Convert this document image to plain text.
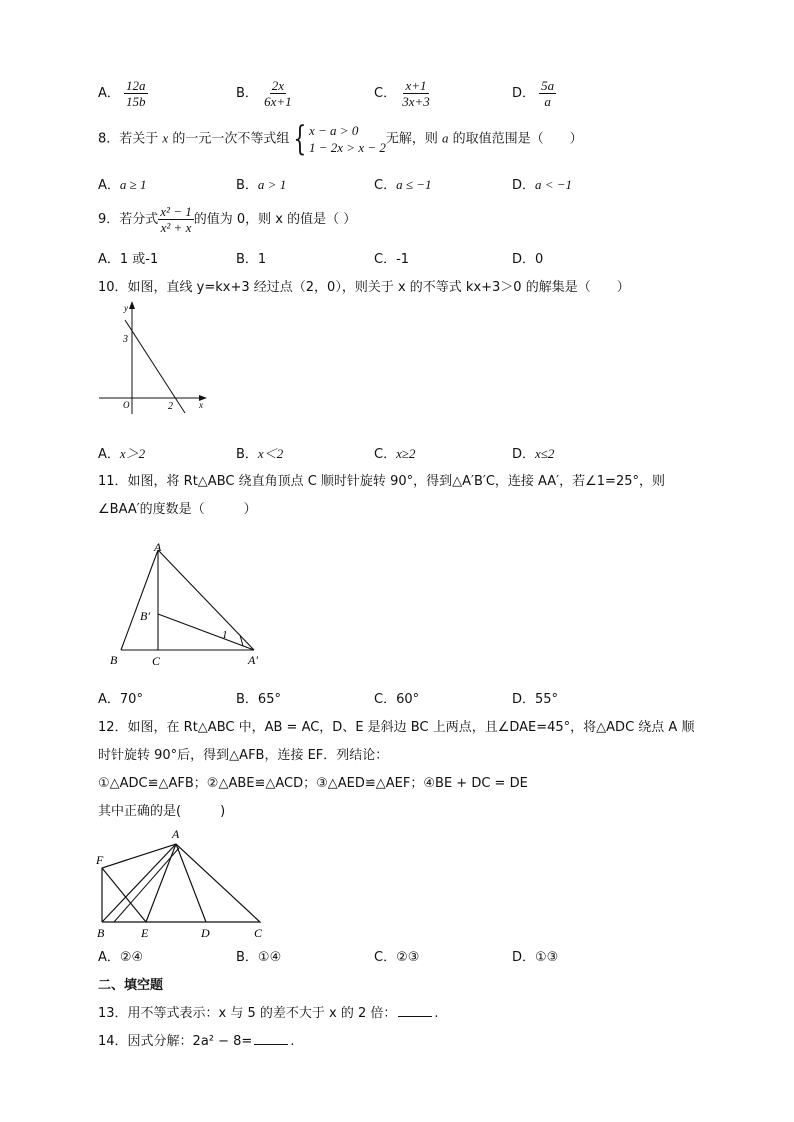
A． $\frac{12a}{15b}$	B． $\frac{2x}{6x+1}$	C． $\frac{x+1}{3x+3}$	D． $\frac{5a}{a}$
8．若关于 x 的一元一次不等式组 { x − a > 0
1 − 2x > x − 2
无解，则 a 的取值范围是（　　）
A．a ≥ 1	B．a > 1	C．a ≤ −1	D．a < −1
9．若分式 $\frac{\text{x² − 1}}{\text{x² + x}}$ 的值为 0，则 x 的值是（ ）
A．1 或-1	B．1	C．-1	D．0
10．如图，直线 y=kx+3 经过点（2，0），则关于 x 的不等式 kx+3＞0 的解集是（　　）
y
x
O
3
2
A．x＞2	B．x＜2	C．x≥2	D．x≤2
11．如图，将 Rt△ABC 绕直角顶点 C 顺时针旋转 90°，得到△A′B′C，连接 AA′，若∠1=25°，则
∠BAA′的度数是（　　　）
A
B	C
B′
A′
1
A．70°	B．65°	C．60°	D．55°
12．如图，在 Rt△ABC 中，AB = AC，D、E 是斜边 BC 上两点，且∠DAE=45°，将△ADC 绕点 A 顺
时针旋转 90°后，得到△AFB，连接 EF．列结论：
①△ADC≌△AFB；②△ABE≌△ACD；③△AED≌△AEF；④BE + DC = DE
其中正确的是(　　　)
A
F
B	E	D	C
A．②④	B．①④	C．②③	D．①③
二、填空题
13．用不等式表示：x 与 5 的差不大于 x 的 2 倍：	.
14．因式分解：2a² − 8=	.
